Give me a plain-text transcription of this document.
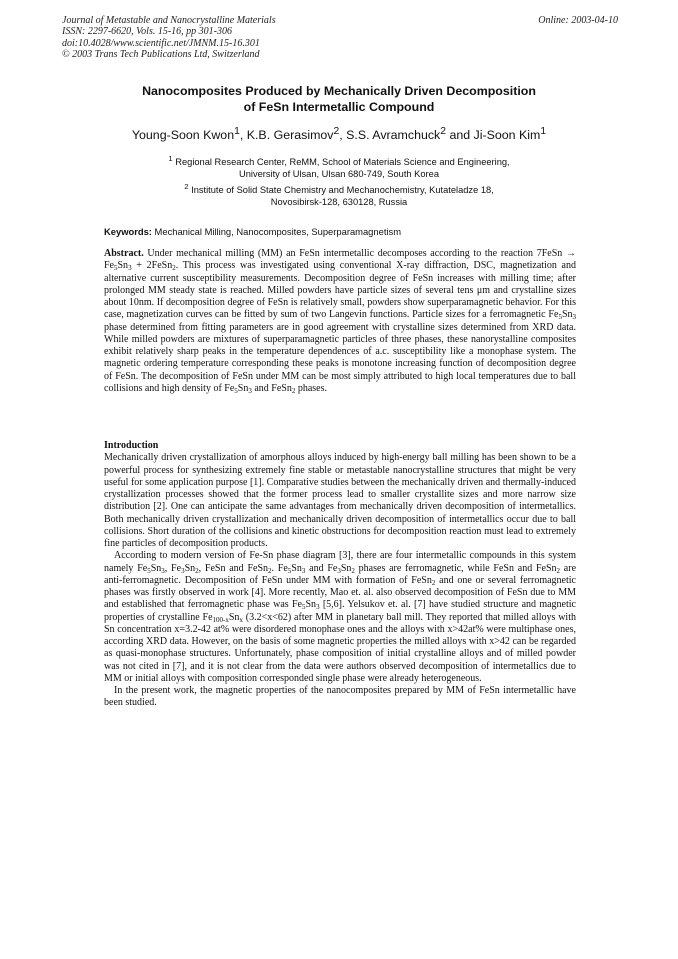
Journal of Metastable and Nanocrystalline Materials
ISSN: 2297-6620, Vols. 15-16, pp 301-306
doi:10.4028/www.scientific.net/JMNM.15-16.301
© 2003 Trans Tech Publications Ltd, Switzerland
Online: 2003-04-10
Nanocomposites Produced by Mechanically Driven Decomposition
of FeSn Intermetallic Compound
Young-Soon Kwon$^1$, K.B. Gerasimov$^2$, S.S. Avramchuck$^2$ and Ji-Soon Kim$^1$
$^1$ Regional Research Center, ReMM, School of Materials Science and Engineering,
University of Ulsan, Ulsan 680-749, South Korea
$^2$ Institute of Solid State Chemistry and Mechanochemistry, Kutateladze 18,
Novosibirsk-128, 630128, Russia
Keywords: Mechanical Milling, Nanocomposites, Superparamagnetism

Abstract. Under mechanical milling (MM) an FeSn intermetallic decomposes according to the reaction 7FeSn → $Fe_5Sn_3$ + 2FeSn$_2$. This process was investigated using conventional X-ray diffraction, DSC, magnetization and alternative current susceptibility measurements. Decomposition degree of FeSn increases with milling time; after prolonged MM steady state is reached. Milled powders have particle sizes of several tens μm and crystalline sizes about 10nm. If decomposition degree of FeSn is relatively small, powders show superparamagnetic behavior. For this case, magnetization curves can be fitted by sum of two Langevin functions. Particle sizes for a ferromagnetic $Fe_5Sn_3$ phase determined from fitting parameters are in good agreement with crystalline sizes determined from XRD data. While milled powders are mixtures of superparamagnetic particles of three phases, these nanorystalline composites exhibit relatively sharp peaks in the temperature dependences of a.c. susceptibility like a monophase system. The magnetic ordering temperature corresponding these peaks is monotone increasing function of decomposition degree of FeSn. The decomposition of FeSn under MM can be most simply attributed to high local temperatures due to ball collisions and high density of $Fe_5Sn_3$ and FeSn$_2$ phases.

Introduction

Mechanically driven crystallization of amorphous alloys induced by high-energy ball milling has been shown to be a powerful process for synthesizing extremely fine stable or metastable nanocrystalline structures that might be very useful for some application purpose [1]. Comparative studies between the mechanically driven and thermally-induced crystallization processes showed that the former process lead to smaller crystallite sizes and more narrow size distribution [2]. One can anticipate the same advantages from mechanically driven decomposition of intermetallics. Both mechanically driven crystallization and mechanically driven decomposition of intermetallics occur due to ball collisions. Short duration of the collisions and kinetic obstructions for decomposition reaction must lead to extremely fine particles of decomposition products.

According to modern version of Fe-Sn phase diagram [3], there are four intermetallic compounds in this system namely $Fe_5Sn_3$, $Fe_3Sn_2$, FeSn and FeSn$_2$. $Fe_5Sn_3$ and $Fe_3Sn_2$ phases are ferromagnetic, while FeSn and FeSn$_2$ are anti-ferromagnetic. Decomposition of FeSn under MM with formation of FeSn$_2$ and one or several ferromagnetic phases was firstly observed in work [4]. More recently, Mao et. al. also observed decomposition of FeSn due to MM and established that ferromagnetic phase was $Fe_5Sn_3$ [5,6]. Yelsukov et. al. [7] have studied structure and magnetic properties of crystalline $Fe_{100-x}Sn_x$ (3.2<x<62) after MM in planetary ball mill. They reported that milled alloys with Sn concentration x=3.2-42 at% were disordered monophase ones and the alloys with x>42at% were multiphase ones, according XRD data. However, on the basis of some magnetic properties the milled alloys with x>42 can be regarded as quasi-monophase structures. Unfortunately, phase composition of initial crystalline alloys and of milled powder was not cited in [7], and it is not clear from the data were authors observed decomposition of intermetallics due to MM or initial alloys with composition corresponded single phase were already heterogeneous.

In the present work, the magnetic properties of the nanocomposites prepared by MM of FeSn intermetallic have been studied.
